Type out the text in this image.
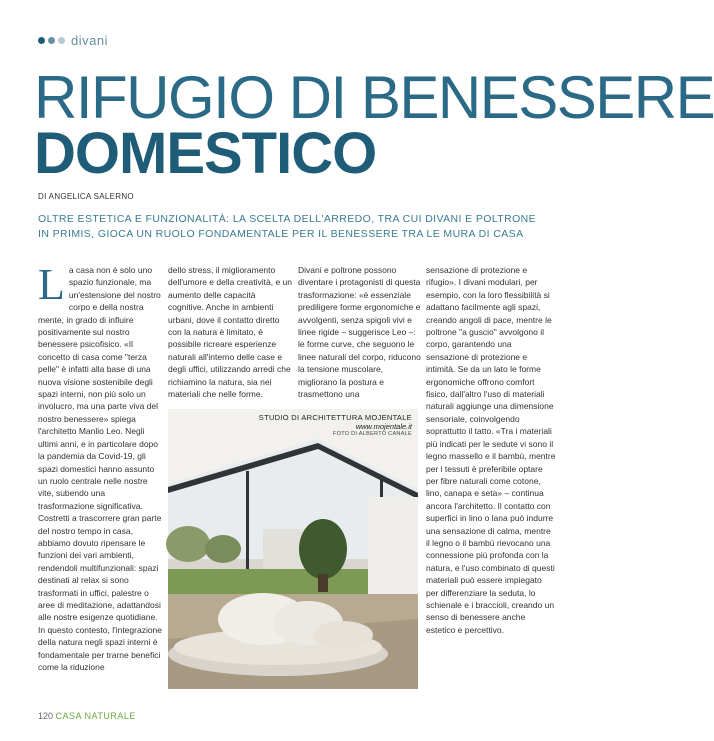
divani
RIFUGIO DI BENESSERE
DOMESTICO
DI ANGELICA SALERNO
OLTRE ESTETICA E FUNZIONALITÀ: LA SCELTA DELL'ARREDO, TRA CUI DIVANI E POLTRONE IN PRIMIS, GIOCA UN RUOLO FONDAMENTALE PER IL BENESSERE TRA LE MURA DI CASA
L a casa non è solo uno spazio funzionale, ma un'estensione del nostro corpo e della nostra mente, in grado di influire positivamente sul nostro benessere psicofisico. «Il concetto di casa come "terza pelle" è infatti alla base di una nuova visione sostenibile degli spazi interni, non più solo un involucro, ma una parte viva del nostro benessere» spiega l'architetto Manlio Leo. Negli ultimi anni, e in particolare dopo la pandemia da Covid-19, gli spazi domestici hanno assunto un ruolo centrale nelle nostre vite, subendo una trasformazione significativa. Costretti a trascorrere gran parte del nostro tempo in casa, abbiamo dovuto ripensare le funzioni dei vari ambienti, rendendoli multifunzionali: spazi destinati al relax si sono trasformati in uffici, palestre o aree di meditazione, adattandosi alle nostre esigenze quotidiane. In questo contesto, l'integrazione della natura negli spazi interni è fondamentale per trarne benefici come la riduzione

dello stress, il miglioramento dell'umore e della creatività, e un aumento delle capacità cognitive. Anche in ambienti urbani, dove il contatto diretto con la natura è limitato, è possibile ricreare esperienze naturali all'interno delle case e degli uffici, utilizzando arredi che richiamino la natura, sia nei materiali che nelle forme.

Divani e poltrone possono diventare i protagonisti di questa trasformazione: «è essenziale prediligere forme ergonomiche e avvolgenti, senza spigoli vivi e linee rigide – suggerisce Leo –: le forme curve, che seguono le linee naturali del corpo, riducono la tensione muscolare, migliorano la postura e trasmettono una

sensazione di protezione e rifugio». I divani modulari, per esempio, con la loro flessibilità si adattano facilmente agli spazi, creando angoli di pace, mentre le poltrone "a guscio" avvolgono il corpo, garantendo una sensazione di protezione e intimità. Se da un lato le forme ergonomiche offrono comfort fisico, dall'altro l'uso di materiali naturali aggiunge una dimensione sensoriale, coinvolgendo soprattutto il tatto. «Tra i materiali più indicati per le sedute vi sono il legno massello e il bambù, mentre per i tessuti è preferibile optare per fibre naturali come cotone, lino, canapa e seta» – continua ancora l'architetto. Il contatto con superfici in lino o lana può indurre una sensazione di calma, mentre il legno o il bambù rievocano una connessione più profonda con la natura, e l'uso combinato di questi materiali può essere impiegato per differenziare la seduta, lo schienale e i braccioli, creando un senso di benessere anche estetico e percettivo.

STUDIO DI ARCHITETTURA MOJENTALE
www.mojentale.it
FOTO DI ALBERTO CANALE
120 CASA NATURALE
